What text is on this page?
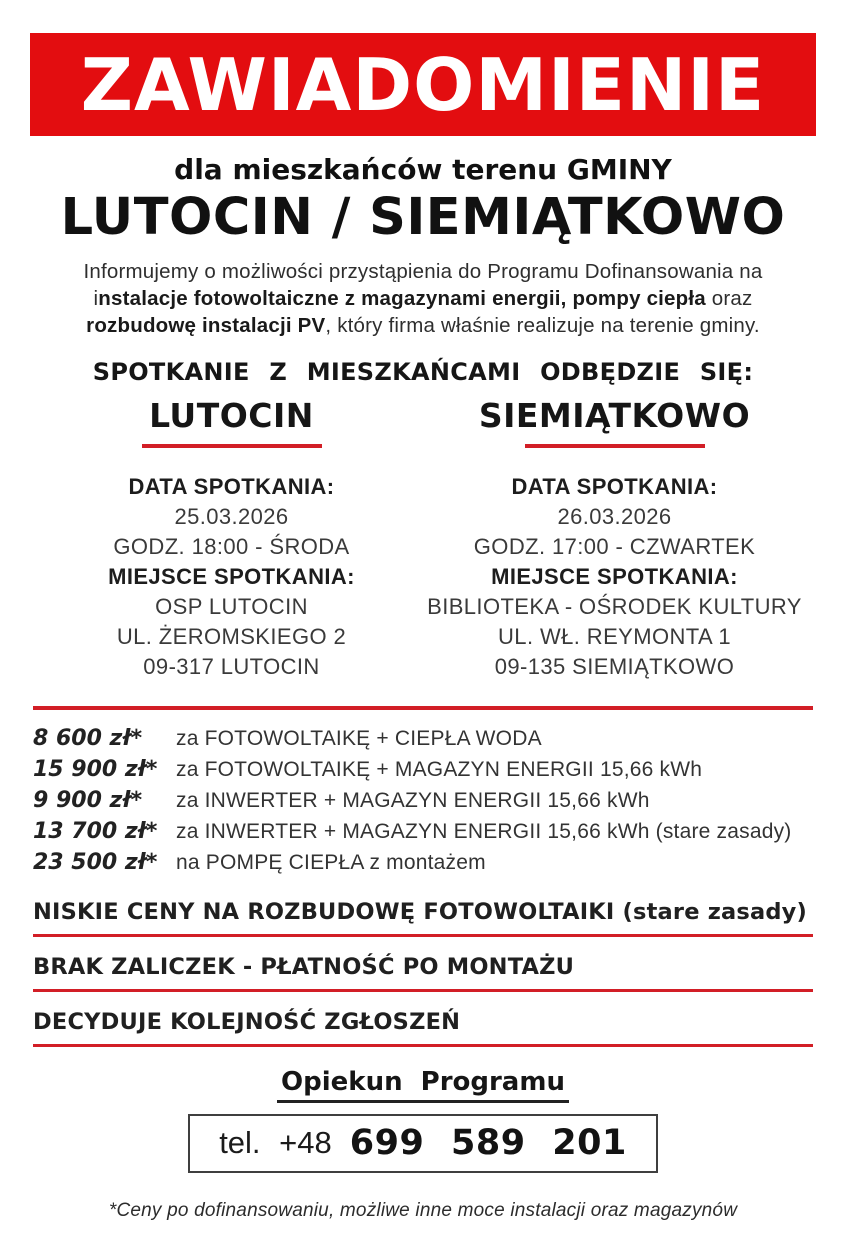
ZAWIADOMIENIE
dla mieszkańców terenu GMINY
LUTOCIN / SIEMIĄTKOWO
Informujemy o możliwości przystąpienia do Programu Dofinansowania na
instalacje fotowoltaiczne z magazynami energii, pompy ciepła oraz
rozbudowę instalacji PV, który firma właśnie realizuje na terenie gminy.
SPOTKANIE Z MIESZKAŃCAMI ODBĘDZIE SIĘ:
LUTOCIN
DATA SPOTKANIA:
25.03.2026
GODZ. 18:00 - ŚRODA
MIEJSCE SPOTKANIA:
OSP LUTOCIN
UL. ŻEROMSKIEGO 2
09-317 LUTOCIN
SIEMIĄTKOWO
DATA SPOTKANIA:
26.03.2026
GODZ. 17:00 - CZWARTEK
MIEJSCE SPOTKANIA:
BIBLIOTEKA - OŚRODEK KULTURY
UL. WŁ. REYMONTA 1
09-135 SIEMIĄTKOWO
8 600 zł*	za FOTOWOLTAIKĘ + CIEPŁA WODA
15 900 zł* za FOTOWOLTAIKĘ + MAGAZYN ENERGII 15,66 kWh
9 900 zł*	za INWERTER + MAGAZYN ENERGII 15,66 kWh
13 700 zł* za INWERTER + MAGAZYN ENERGII 15,66 kWh (stare zasady)
23 500 zł* na POMPĘ CIEPŁA z montażem
NISKIE CENY NA ROZBUDOWĘ FOTOWOLTAIKI (stare zasady)
BRAK ZALICZEK - PŁATNOŚĆ PO MONTAŻU
DECYDUJE KOLEJNOŚĆ ZGŁOSZEŃ
Opiekun Programu
tel. +48 699 589 201
*Ceny po dofinansowaniu, możliwe inne moce instalacji oraz magazynów
